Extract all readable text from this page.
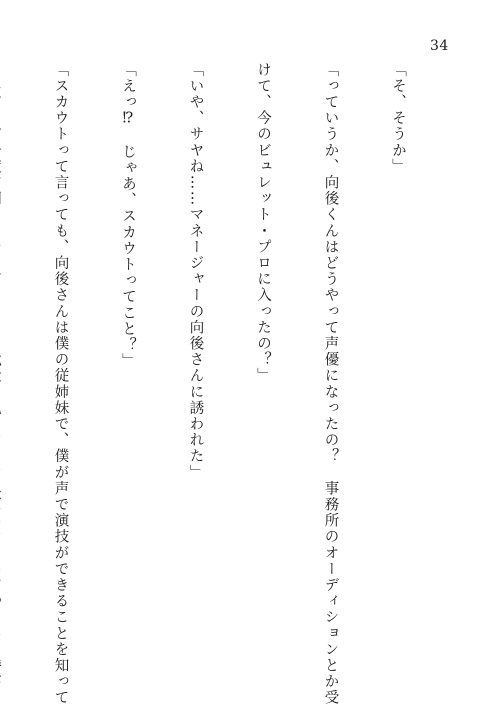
34

「そ、そうか」

「っていうか、向後くんはどうやって声優になったの？　事務所のオーディションとか受

けて、今のビュレット・プロに入ったの？」

「いや、サヤね……マネージャーの向後さんに誘われた」

「えっ⁉　じゃあ、スカウトってこと？」

「スカウトって言っても、向後さんは僕の従姉妹で、僕が声で演技ができることを知って
